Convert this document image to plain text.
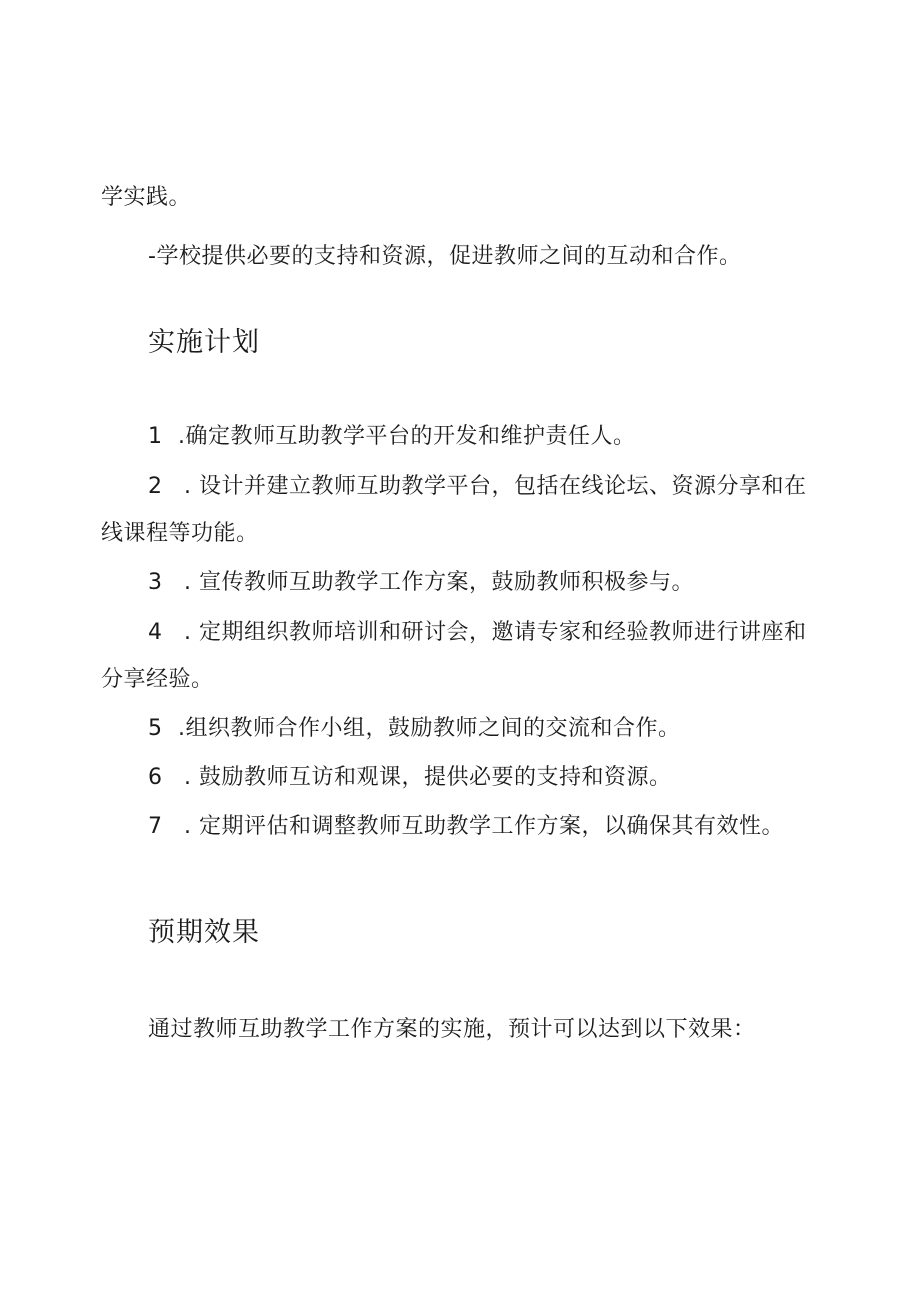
学实践。
-学校提供必要的支持和资源，促进教师之间的互动和合作。
实施计划
1 .确定教师互助教学平台的开发和维护责任人。
2 . 设计并建立教师互助教学平台，包括在线论坛、资源分享和在
线课程等功能。
3 . 宣传教师互助教学工作方案，鼓励教师积极参与。
4 . 定期组织教师培训和研讨会，邀请专家和经验教师进行讲座和
分享经验。
5 .组织教师合作小组，鼓励教师之间的交流和合作。
6 . 鼓励教师互访和观课，提供必要的支持和资源。
7 . 定期评估和调整教师互助教学工作方案，以确保其有效性。
预期效果
通过教师互助教学工作方案的实施，预计可以达到以下效果：
